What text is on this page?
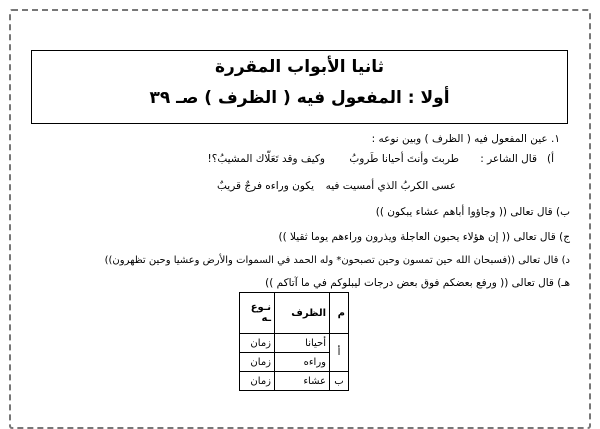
ثانيا الأبواب المقررة
أولا : المفعول فيه ( الظرف ) صـ ٣٩
١. عين المفعول فيه ( الظرف ) وبين نوعه :
أ)
قال الشاعر :
طربتَ وأنتَ أحيانا طَروبُ
وكيف وقد تَعَلّاك المشيبُ؟!
عسى الكربُ الذي أمسيت فيه
يكون وراءه فرجٌ قريبٌ
ب) قال تعالى (( وجاؤوا أباهم عشاء يبكون ))
ج) قال تعالى (( إن هؤلاء يحبون العاجلة ويذرون وراءهم يوما ثقيلا ))
د) قال تعالى ((فسبحان الله حين تمسون وحين تصبحون* وله الحمد في السموات والأرض وعشيا وحين تظهرون))
هـ) قال تعالى (( ورفع بعضكم فوق بعض درجات ليبلوكم في ما آتاكم ))
م	الظرف	نـوع
ـه
أ	أحيانا	زمان
	وراءه	زمان
ب	عشاء	زمان
